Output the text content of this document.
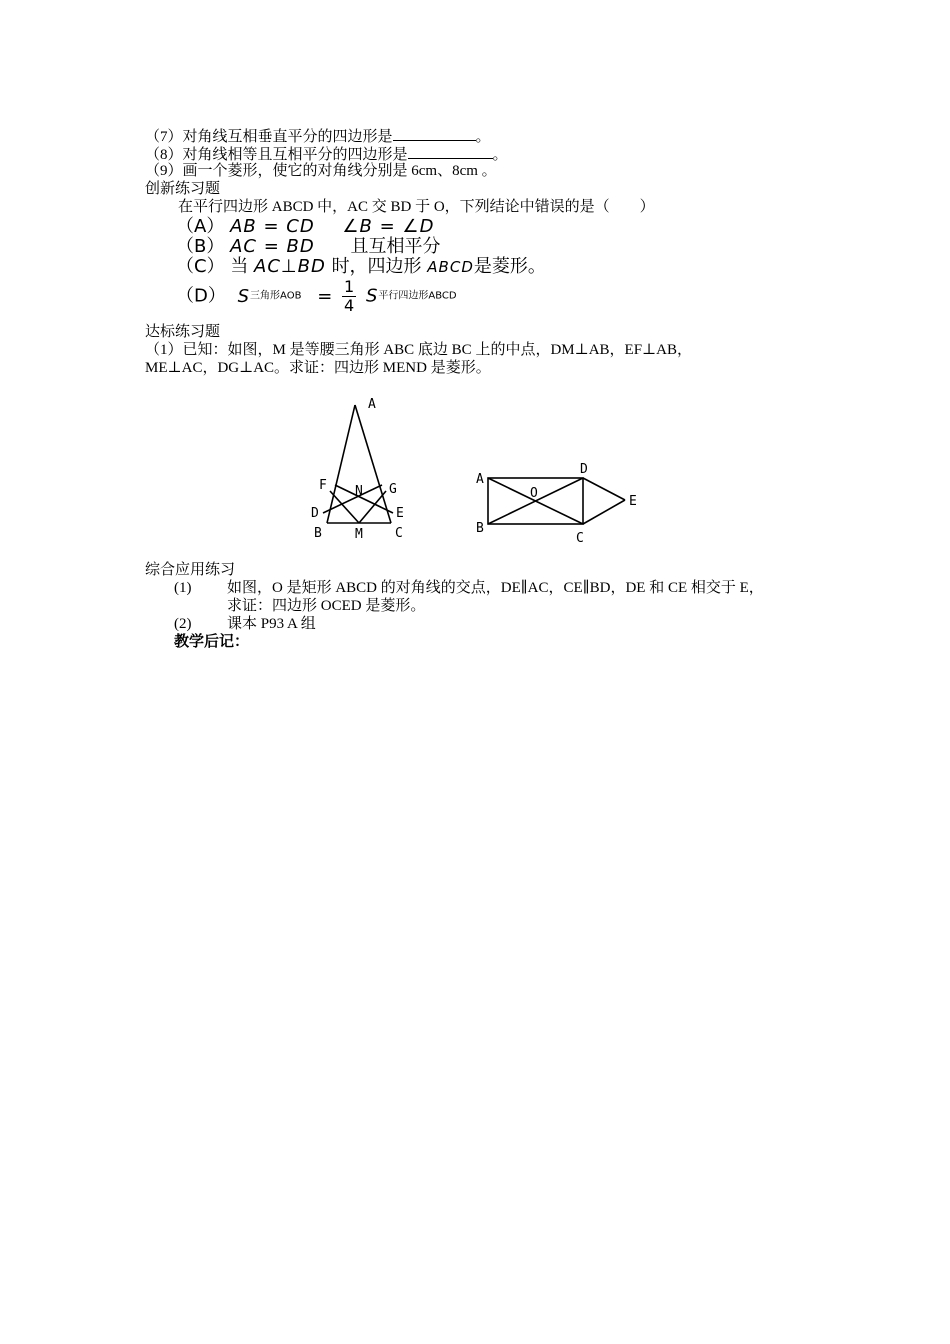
（7）对角线互相垂直平分的四边形是	。
（8）对角线相等且互相平分的四边形是	。
（9）画一个菱形，使它的对角线分别是 6cm、8cm 。
创新练习题
在平行四边形 ABCD 中，AC 交 BD 于 O，下列结论中错误的是（　　）
（A） AB = CD ∠B = ∠D
（B） AC = BD 且互相平分
（C） 当 AC⊥BD 时，四边形 ABCD是菱形。
（D） S三角形AOB = $\frac{1}{4}$ S平行四边形ABCD
达标练习题
（1）已知：如图，M 是等腰三角形 ABC 底边 BC 上的中点，DM⊥AB，EF⊥AB，
ME⊥AC，DG⊥AC。求证：四边形 MEND 是菱形。
A
F N G
D	E
B	M C
A
D
O
E
B
C
综合应用练习
(1) 如图，O 是矩形 ABCD 的对角线的交点，DE∥AC，CE∥BD，DE 和 CE 相交于 E，
求证：四边形 OCED 是菱形。
(2) 课本 P93 A 组
教学后记：
